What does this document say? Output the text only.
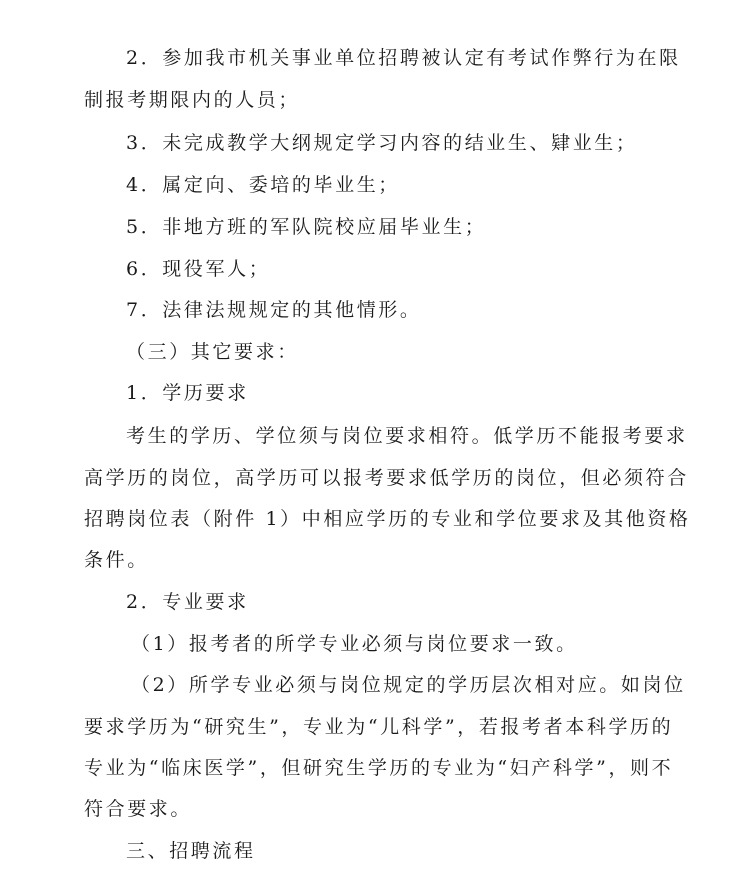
2．参加我市机关事业单位招聘被认定有考试作弊行为在限
制报考期限内的人员；
3．未完成教学大纲规定学习内容的结业生、肄业生；
4．属定向、委培的毕业生；
5．非地方班的军队院校应届毕业生；
6．现役军人；
7．法律法规规定的其他情形。
（三）其它要求：
1．学历要求
考生的学历、学位须与岗位要求相符。低学历不能报考要求
高学历的岗位，高学历可以报考要求低学历的岗位，但必须符合
招聘岗位表（附件 1）中相应学历的专业和学位要求及其他资格
条件。
2．专业要求
（1）报考者的所学专业必须与岗位要求一致。
（2）所学专业必须与岗位规定的学历层次相对应。如岗位
要求学历为“研究生”，专业为“儿科学”，若报考者本科学历的
专业为“临床医学”，但研究生学历的专业为“妇产科学”，则不
符合要求。
三、招聘流程
